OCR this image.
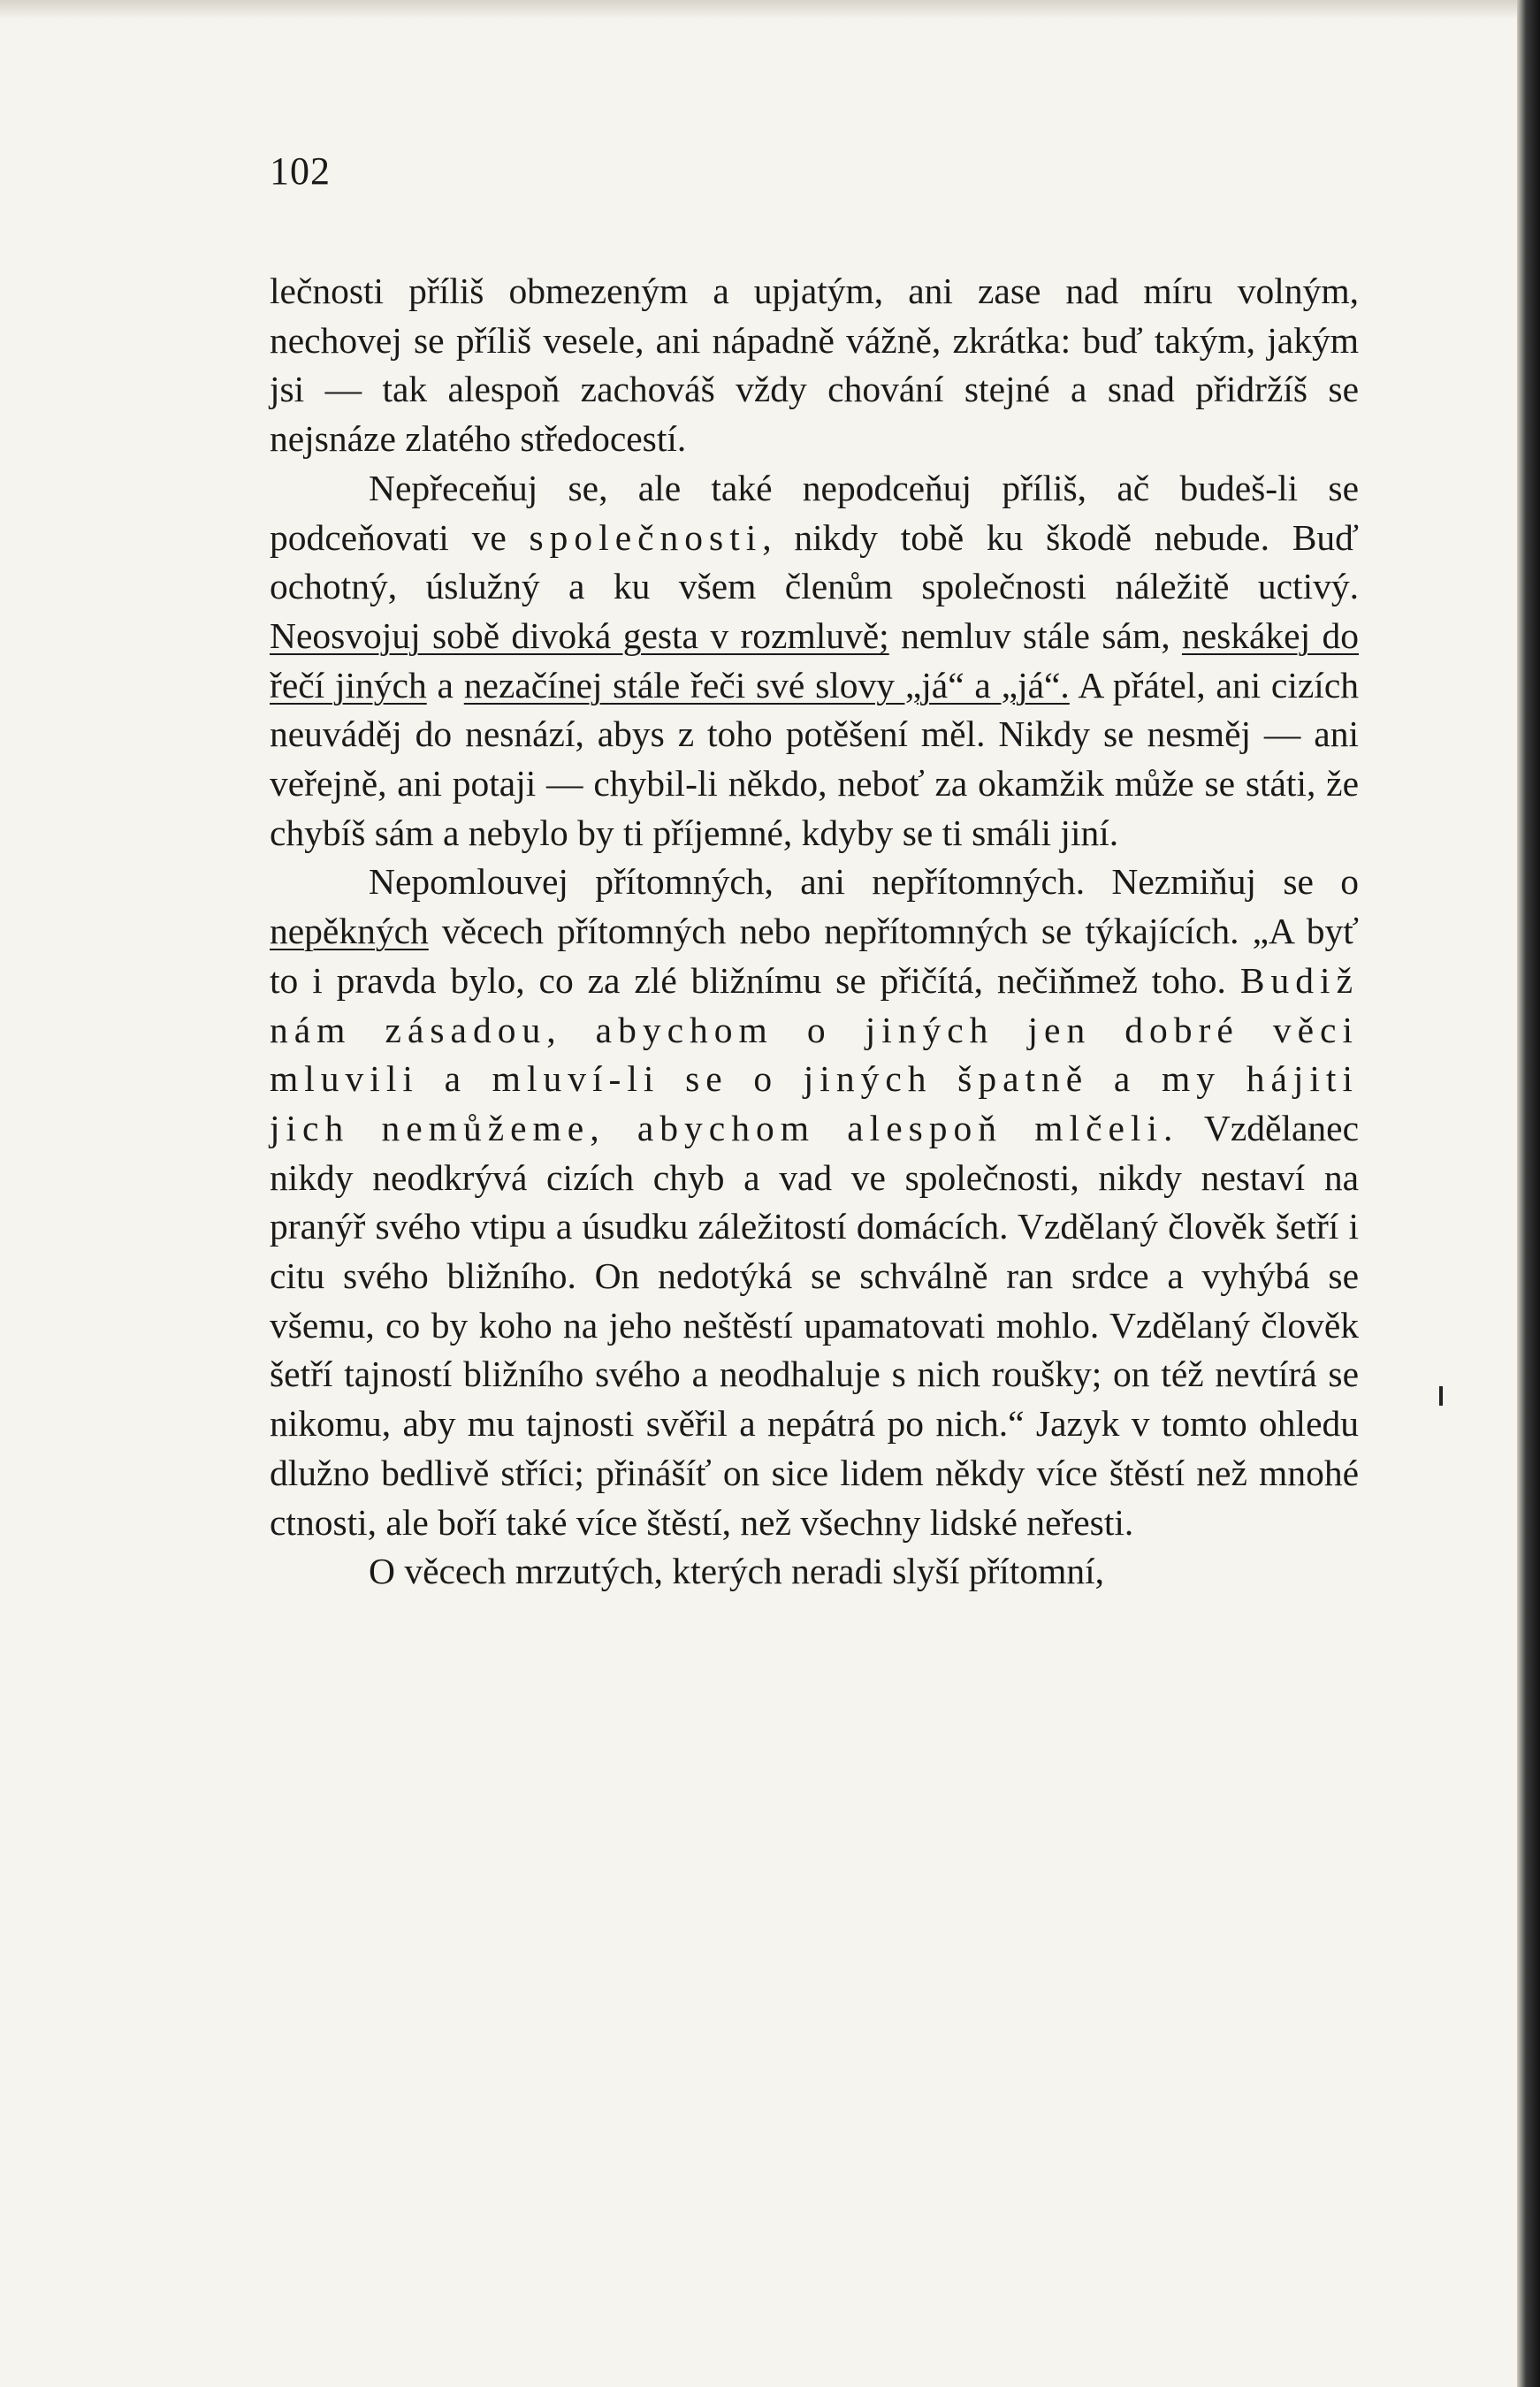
102

lečnosti příliš obmezeným a upjatým, ani zase nad míru volným, nechovej se příliš vesele, ani nápadně vážně, zkrátka: buď takým, jakým jsi — tak alespoň zachováš vždy chování stejné a snad přidržíš se nejsnáze zlatého středocestí.

Nepřeceňuj se, ale také nepodceňuj příliš, ač budeš-li se podceňovati ve společnosti, nikdy tobě ku škodě nebude. Buď ochotný, úslužný a ku všem členům společnosti náležitě uctivý. Neosvojuj sobě divoká gesta v rozmluvě; nemluv stále sám, neskákej do řečí jiných a nezačínej stále řeči své slovy „já“ a „já“. A přátel, ani cizích neuváděj do nesnází, abys z toho potěšení měl. Nikdy se nesměj — ani veřejně, ani potaji — chybil-li někdo, neboť za okamžik může se státi, že chybíš sám a nebylo by ti příjemné, kdyby se ti smáli jiní.

Nepomlouvej přítomných, ani nepřítomných. Nezmiňuj se o nepěkných věcech přítomných nebo nepřítomných se týkajících. „A byť to i pravda bylo, co za zlé bližnímu se přičítá, nečiňmež toho. Budiž nám zásadou, abychom o jiných jen dobré věci mluvili a mluví-li se o jiných špatně a my hájiti jich nemůžeme, abychom alespoň mlčeli. Vzdělanec nikdy neodkrývá cizích chyb a vad ve společnosti, nikdy nestaví na pranýř svého vtipu a úsudku záležitostí domácích. Vzdělaný člověk šetří i citu svého bližního. On nedotýká se schválně ran srdce a vyhýbá se všemu, co by koho na jeho neštěstí upamatovati mohlo. Vzdělaný člověk šetří tajností bližního svého a neodhaluje s nich roušky; on též nevtírá se nikomu, aby mu tajnosti svěřil a nepátrá po nich.“ Jazyk v tomto ohledu dlužno bedlivě stříci; přinášíť on sice lidem někdy více štěstí než mnohé ctnosti, ale boří také více štěstí, než všechny lidské neřesti.

O věcech mrzutých, kterých neradi slyší přítomní,
